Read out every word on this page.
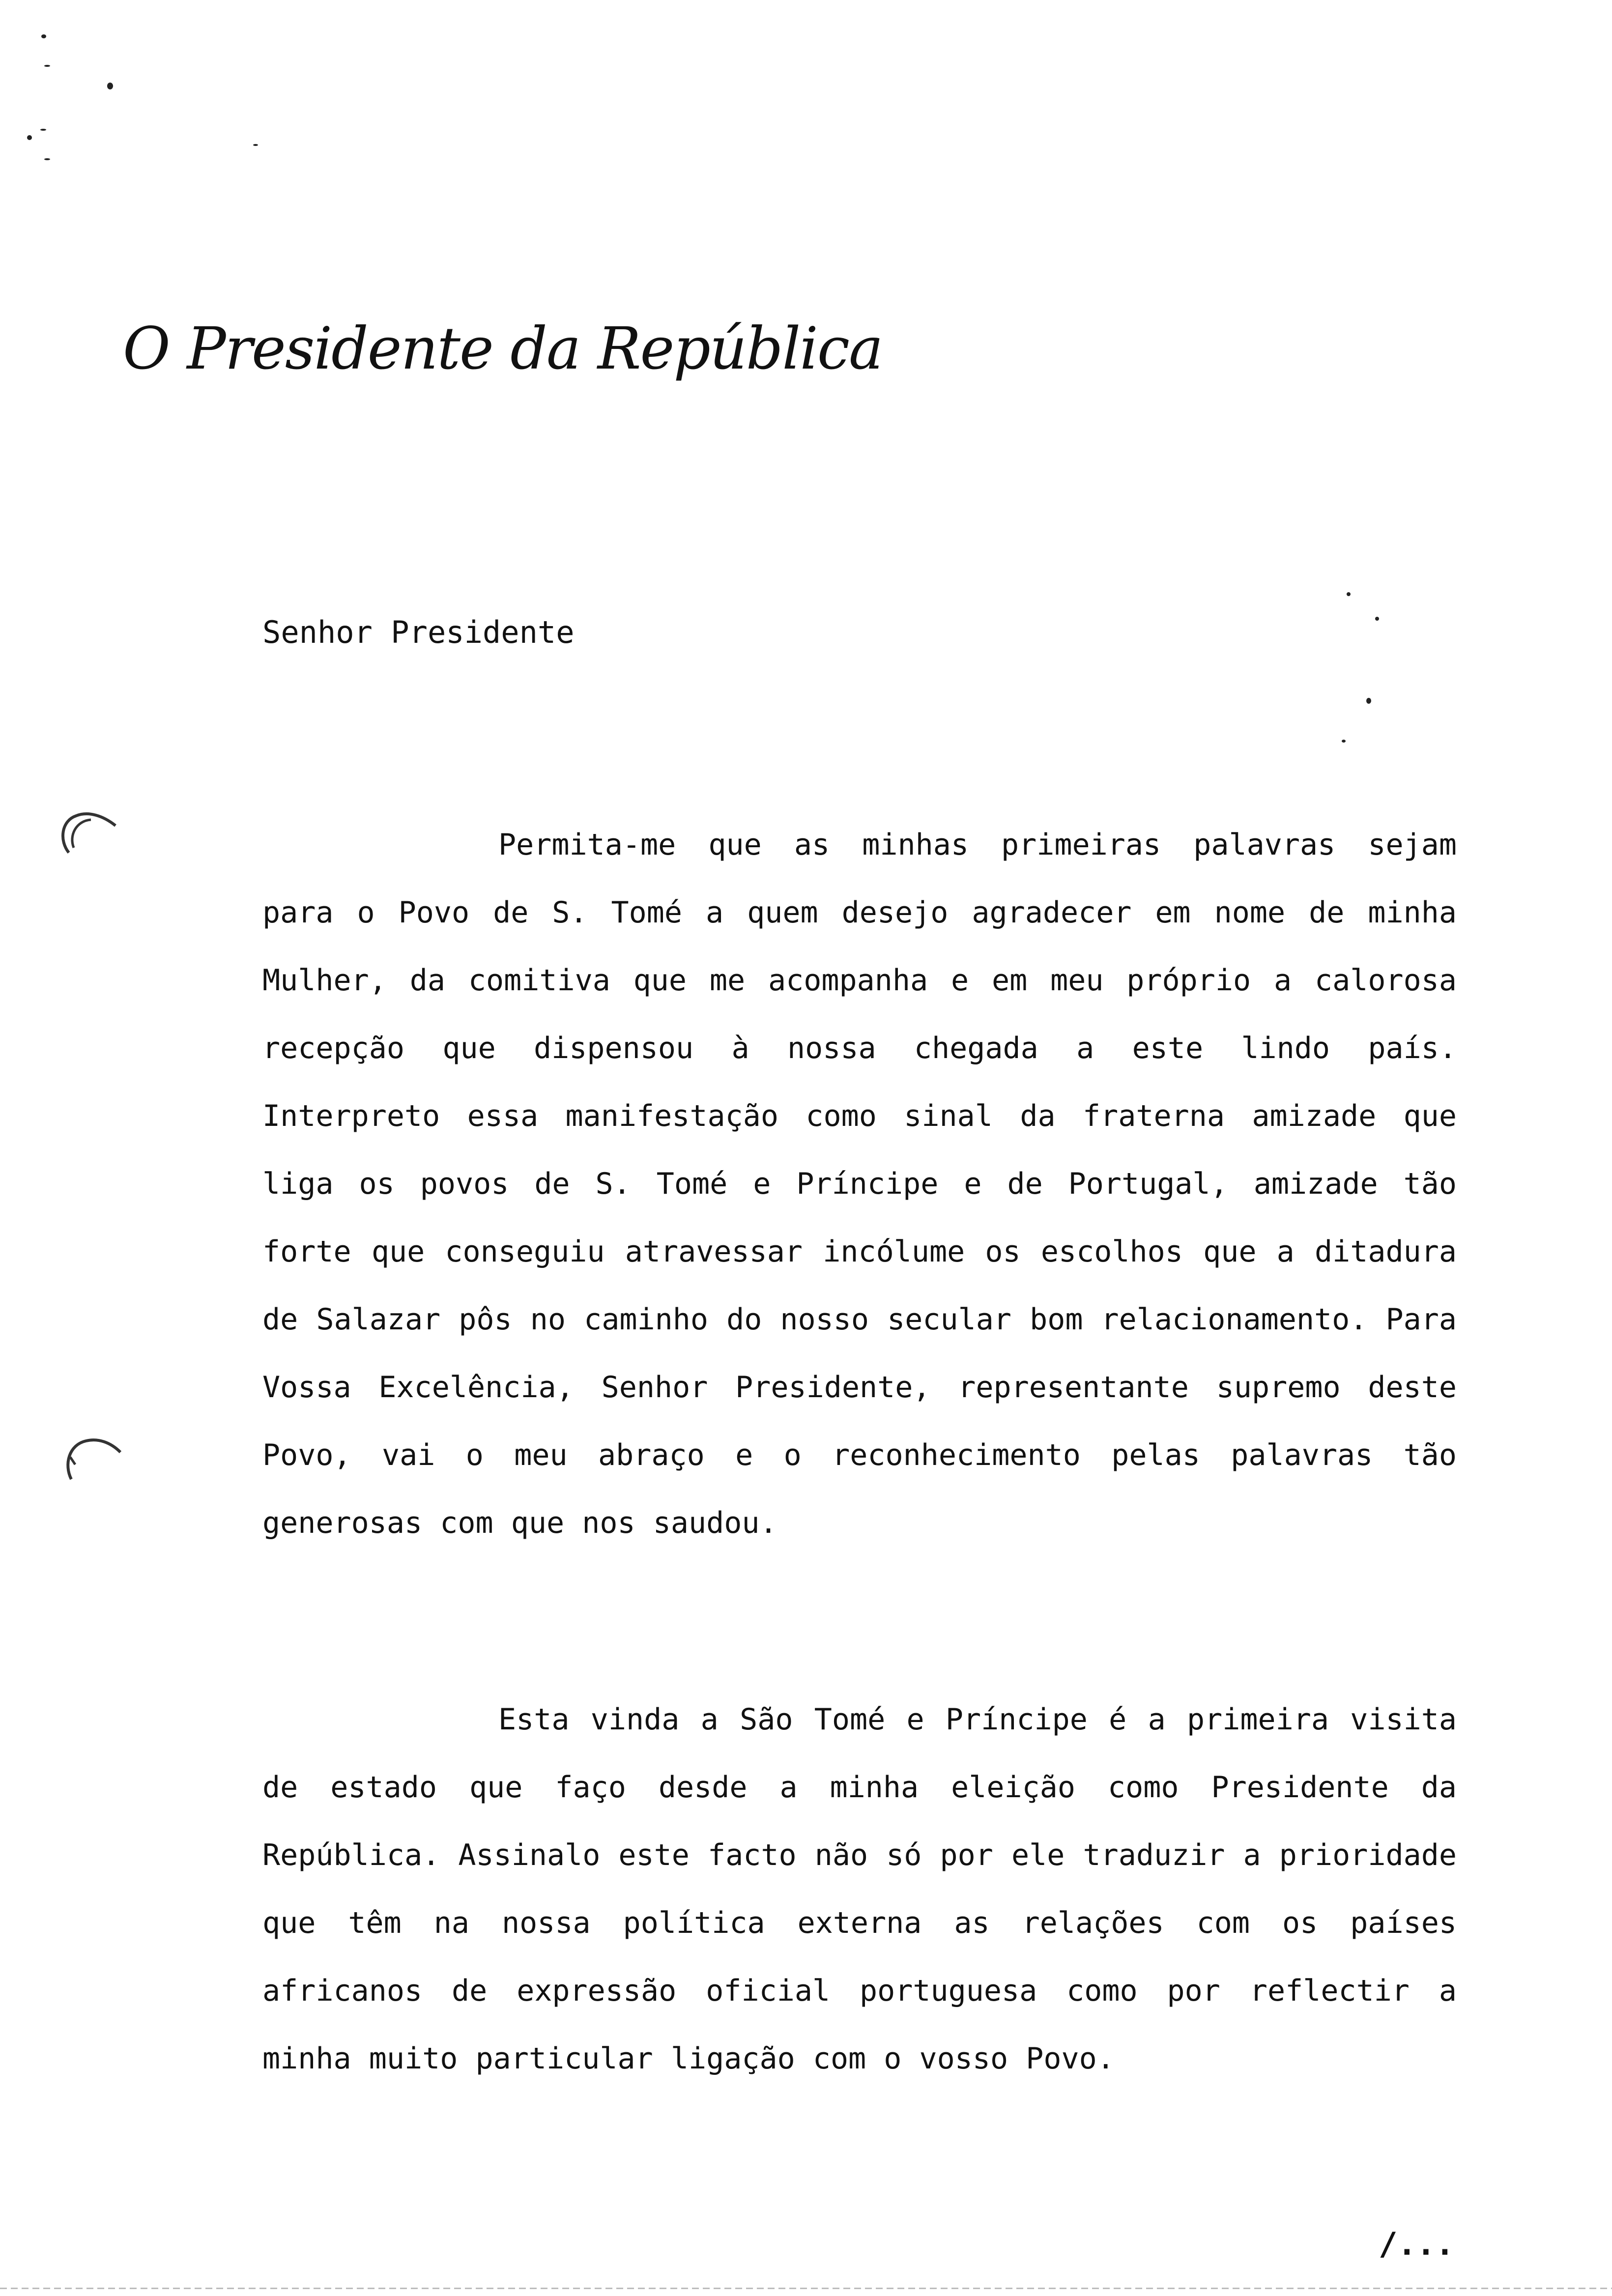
O Presidente da República
Senhor Presidente

Permita-me que as minhas primeiras palavras sejam para o Povo de S. Tomé a quem desejo agradecer em nome de minha Mulher, da comitiva que me acompanha e em meu próprio a calorosa recepção que dispensou à nossa chegada a este lindo país. Interpreto essa manifestação como sinal da fraterna amizade que liga os povos de S. Tomé e Príncipe e de Portugal, amizade tão forte que conseguiu atravessar incólume os escolhos que a ditadura de Salazar pôs no caminho do nosso secular bom relacionamento. Para Vossa Excelência, Senhor Presidente, representante supremo deste Povo, vai o meu abraço e o reconhecimento pelas palavras tão generosas com que nos saudou.

Esta vinda a São Tomé e Príncipe é a primeira visita de estado que faço desde a minha eleição como Presidente da República. Assinalo este facto não só por ele traduzir a prioridade que têm na nossa política externa as relações com os países africanos de expressão oficial portuguesa como por reflectir a minha muito particular ligação com o vosso Povo.

/...
